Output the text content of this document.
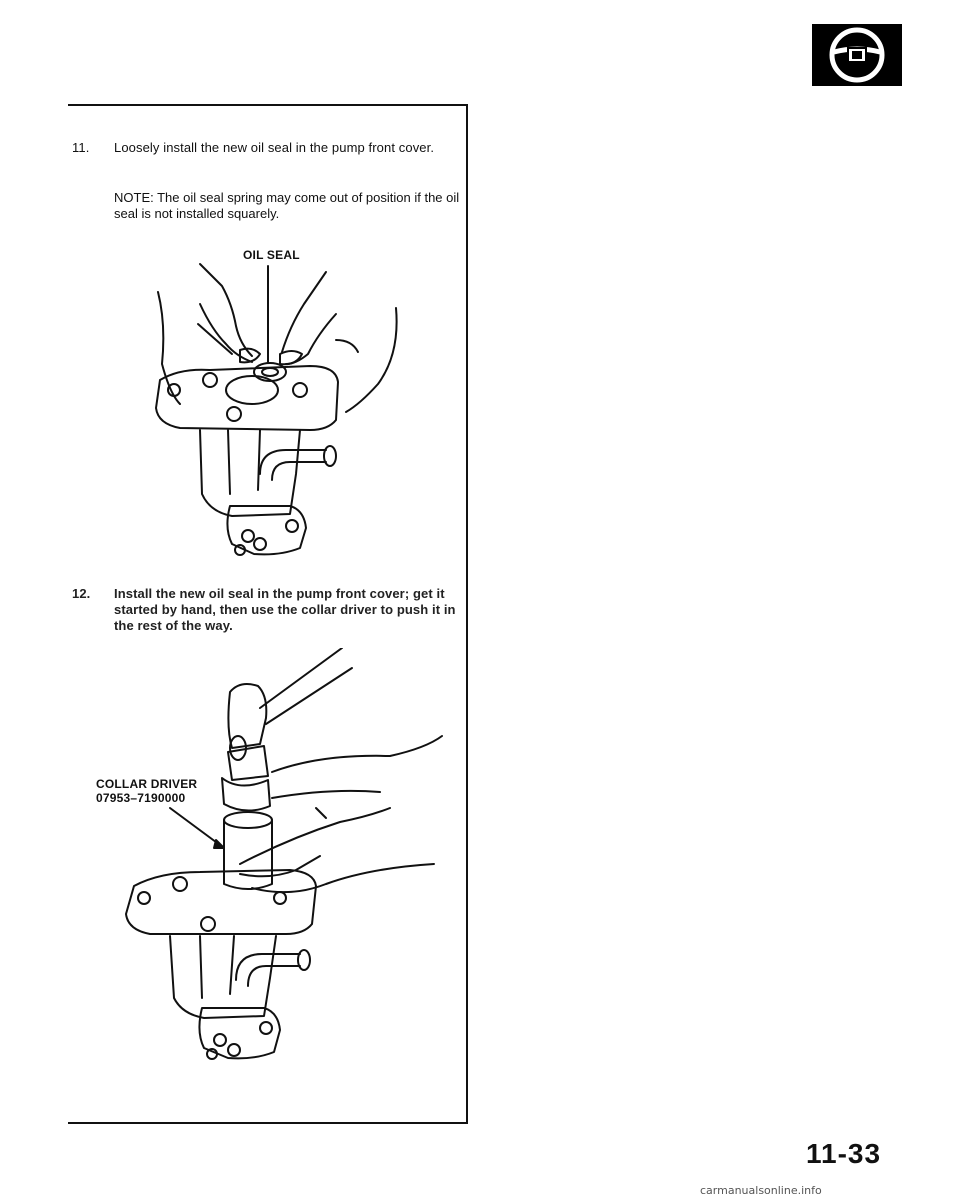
11.	Loosely install the new oil seal in the pump front cover.
NOTE: The oil seal spring may come out of position if the oil seal is not installed squarely.
OIL SEAL
12.	Install the new oil seal in the pump front cover; get it started by hand, then use the collar driver to push it in the rest of the way.
COLLAR DRIVER
07953–7190000
11-33
carmanualsonline.info
